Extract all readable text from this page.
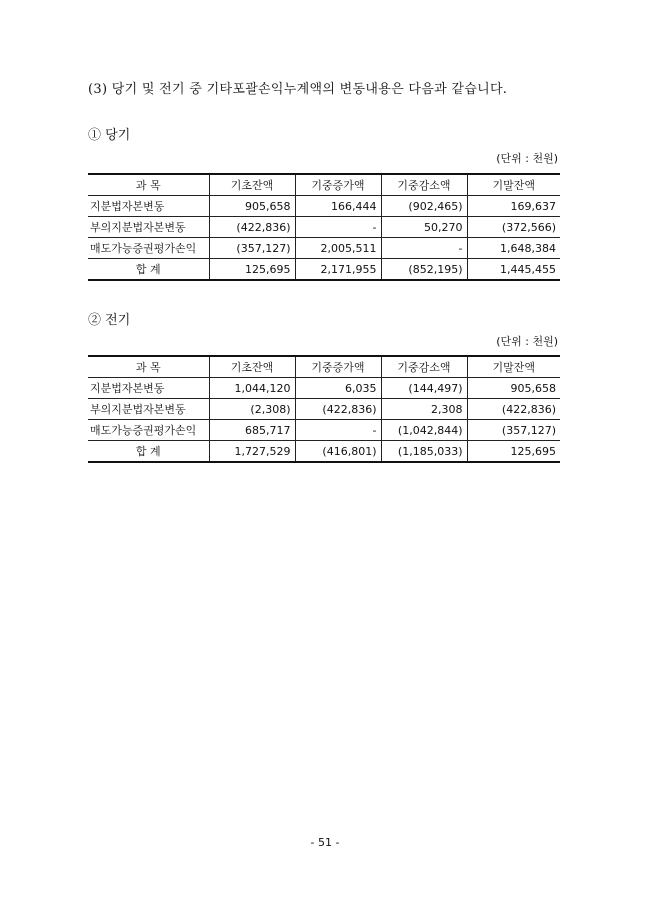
(3) 당기 및 전기 중 기타포괄손익누계액의 변동내용은 다음과 같습니다.
① 당기
(단위 : 천원)
과 목	기초잔액	기중증가액	기중감소액	기말잔액
지분법자본변동	905,658	166,444	(902,465)	169,637
부의지분법자본변동	(422,836)	-	50,270	(372,566)
매도가능증권평가손익	(357,127)	2,005,511	-	1,648,384
합 계	125,695	2,171,955	(852,195)	1,445,455
② 전기
(단위 : 천원)
과 목	기초잔액	기중증가액	기중감소액	기말잔액
지분법자본변동	1,044,120	6,035	(144,497)	905,658
부의지분법자본변동	(2,308)	(422,836)	2,308	(422,836)
매도가능증권평가손익	685,717	-	(1,042,844)	(357,127)
합 계	1,727,529	(416,801)	(1,185,033)	125,695
- 51 -
